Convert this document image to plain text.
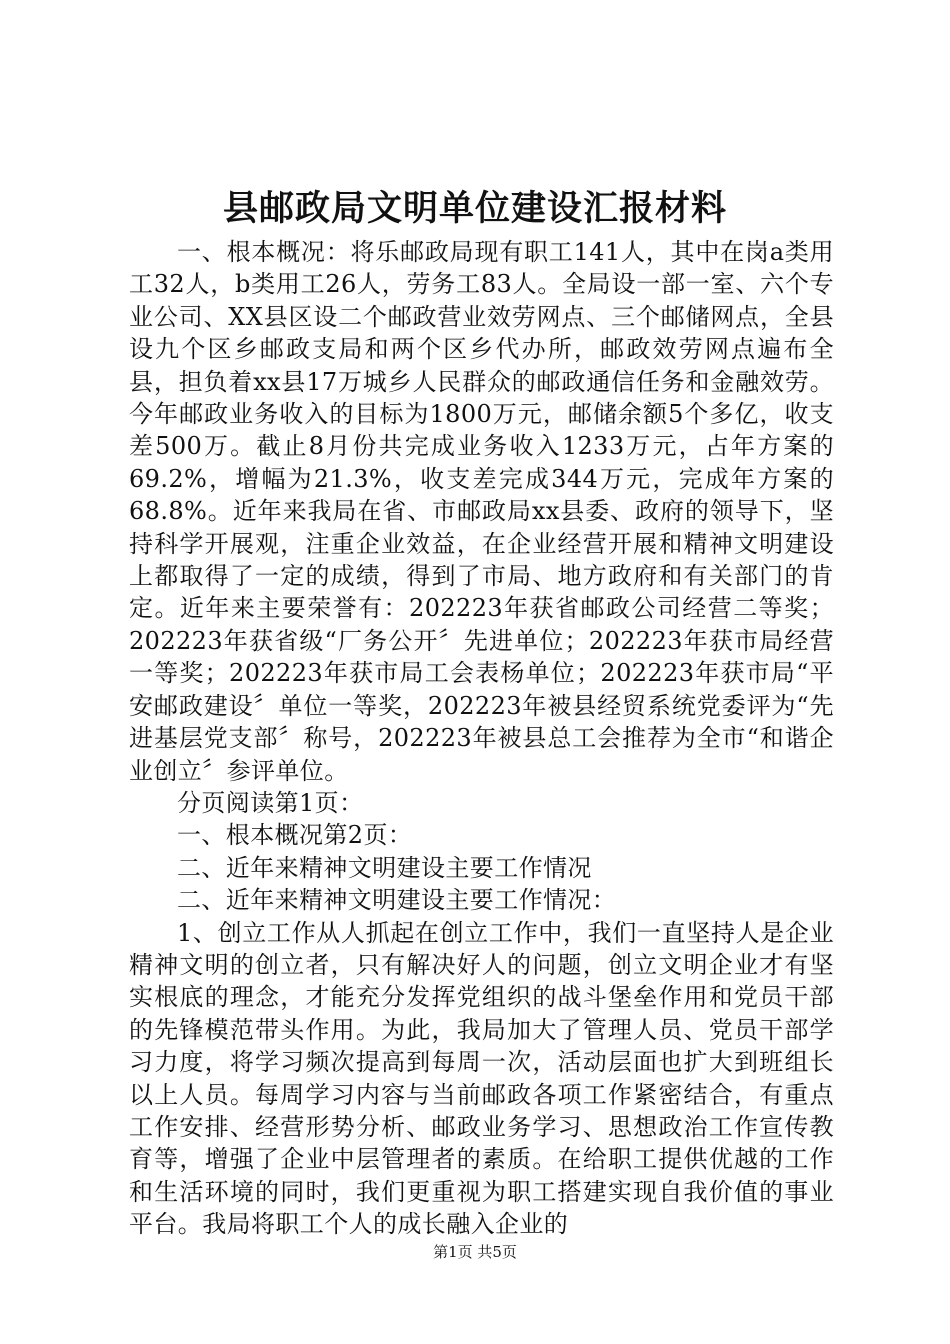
县邮政局文明单位建设汇报材料

一、根本概况：将乐邮政局现有职工141人，其中在岗a类用工32人，b类用工26人，劳务工83人。全局设一部一室、六个专业公司、XX县区设二个邮政营业效劳网点、三个邮储网点，全县设九个区乡邮政支局和两个区乡代办所，邮政效劳网点遍布全县，担负着xx县17万城乡人民群众的邮政通信任务和金融效劳。今年邮政业务收入的目标为1800万元，邮储余额5个多亿，收支差500万。截止8月份共完成业务收入1233万元，占年方案的69.2%，增幅为21.3%，收支差完成344万元，完成年方案的68.8%。近年来我局在省、市邮政局xx县委、政府的领导下，坚持科学开展观，注重企业效益，在企业经营开展和精神文明建设上都取得了一定的成绩，得到了市局、地方政府和有关部门的肯定。近年来主要荣誉有：202223年获省邮政公司经营二等奖；202223年获省级“厂务公开〞先进单位；202223年获市局经营一等奖；202223年获市局工会表杨单位；202223年获市局“平安邮政建设〞单位一等奖，202223年被县经贸系统党委评为“先进基层党支部〞称号，202223年被县总工会推荐为全市“和谐企业创立〞参评单位。

分页阅读第1页：

一、根本概况第2页：

二、近年来精神文明建设主要工作情况

二、近年来精神文明建设主要工作情况：

1、创立工作从人抓起在创立工作中，我们一直坚持人是企业精神文明的创立者，只有解决好人的问题，创立文明企业才有坚实根底的理念，才能充分发挥党组织的战斗堡垒作用和党员干部的先锋模范带头作用。为此，我局加大了管理人员、党员干部学习力度，将学习频次提高到每周一次，活动层面也扩大到班组长以上人员。每周学习内容与当前邮政各项工作紧密结合，有重点工作安排、经营形势分析、邮政业务学习、思想政治工作宣传教育等，增强了企业中层管理者的素质。在给职工提供优越的工作和生活环境的同时，我们更重视为职工搭建实现自我价值的事业平台。我局将职工个人的成长融入企业的

第1页 共5页
